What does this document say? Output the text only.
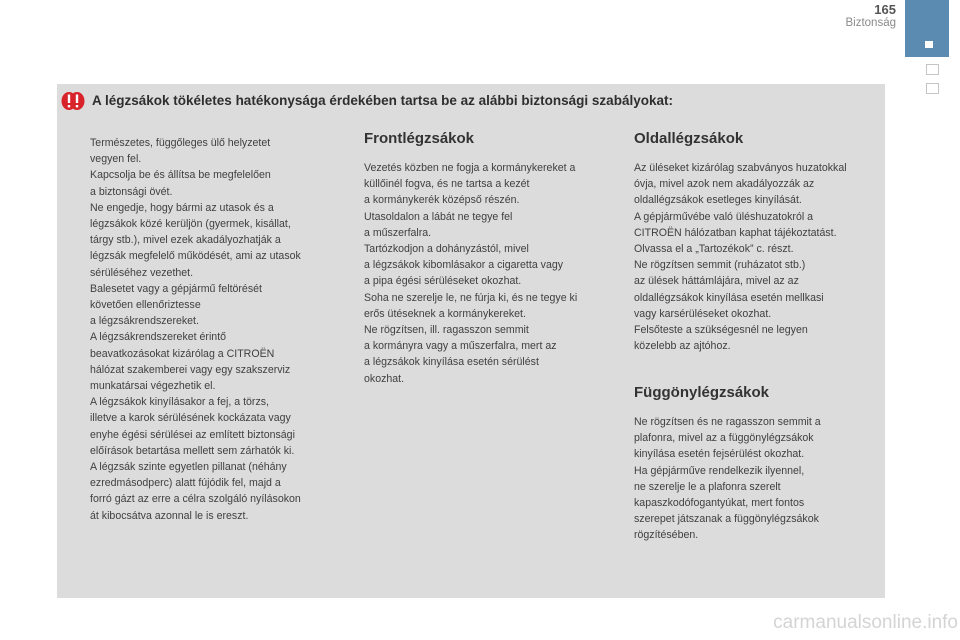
165
Biztonság
A légzsákok tökéletes hatékonysága érdekében tartsa be az alábbi biztonsági szabályokat:

Természetes, függőleges ülő helyzetet
vegyen fel.
Kapcsolja be és állítsa be megfelelően
a biztonsági övét.
Ne engedje, hogy bármi az utasok és a
légzsákok közé kerüljön (gyermek, kisállat,
tárgy stb.), mivel ezek akadályozhatják a
légzsák megfelelő működését, ami az utasok
sérüléséhez vezethet.
Balesetet vagy a gépjármű feltörését
követően ellenőriztesse
a légzsákrendszereket.
A légzsákrendszereket érintő
beavatkozásokat kizárólag a CITROËN
hálózat szakemberei vagy egy szakszerviz
munkatársai végezhetik el.
A légzsákok kinyílásakor a fej, a törzs,
illetve a karok sérülésének kockázata vagy
enyhe égési sérülései az említett biztonsági
előírások betartása mellett sem zárhatók ki.
A légzsák szinte egyetlen pillanat (néhány
ezredmásodperc) alatt fújódik fel, majd a
forró gázt az erre a célra szolgáló nyílásokon
át kibocsátva azonnal le is ereszt.

Frontlégzsákok

Vezetés közben ne fogja a kormánykereket a
küllőinél fogva, és ne tartsa a kezét
a kormánykerék középső részén.
Utasoldalon a lábát ne tegye fel
a műszerfalra.
Tartózkodjon a dohányzástól, mivel
a légzsákok kibomlásakor a cigaretta vagy
a pipa égési sérüléseket okozhat.
Soha ne szerelje le, ne fúrja ki, és ne tegye ki
erős ütéseknek a kormánykereket.
Ne rögzítsen, ill. ragasszon semmit
a kormányra vagy a műszerfalra, mert az
a légzsákok kinyílása esetén sérülést
okozhat.

Oldallégzsákok

Az üléseket kizárólag szabványos huzatokkal
óvja, mivel azok nem akadályozzák az
oldallégzsákok esetleges kinyílását.
A gépjárművébe való üléshuzatokról a
CITROËN hálózatban kaphat tájékoztatást.
Olvassa el a „Tartozékok” c. részt.
Ne rögzítsen semmit (ruházatot stb.)
az ülések háttámlájára, mivel az az
oldallégzsákok kinyílása esetén mellkasi
vagy karsérüléseket okozhat.
Felsőteste a szükségesnél ne legyen
közelebb az ajtóhoz.

Függönylégzsákok

Ne rögzítsen és ne ragasszon semmit a
plafonra, mivel az a függönylégzsákok
kinyílása esetén fejsérülést okozhat.
Ha gépjárműve rendelkezik ilyennel,
ne szerelje le a plafonra szerelt
kapaszkodófogantyúkat, mert fontos
szerepet játszanak a függönylégzsákok
rögzítésében.

carmanualsonline.info
